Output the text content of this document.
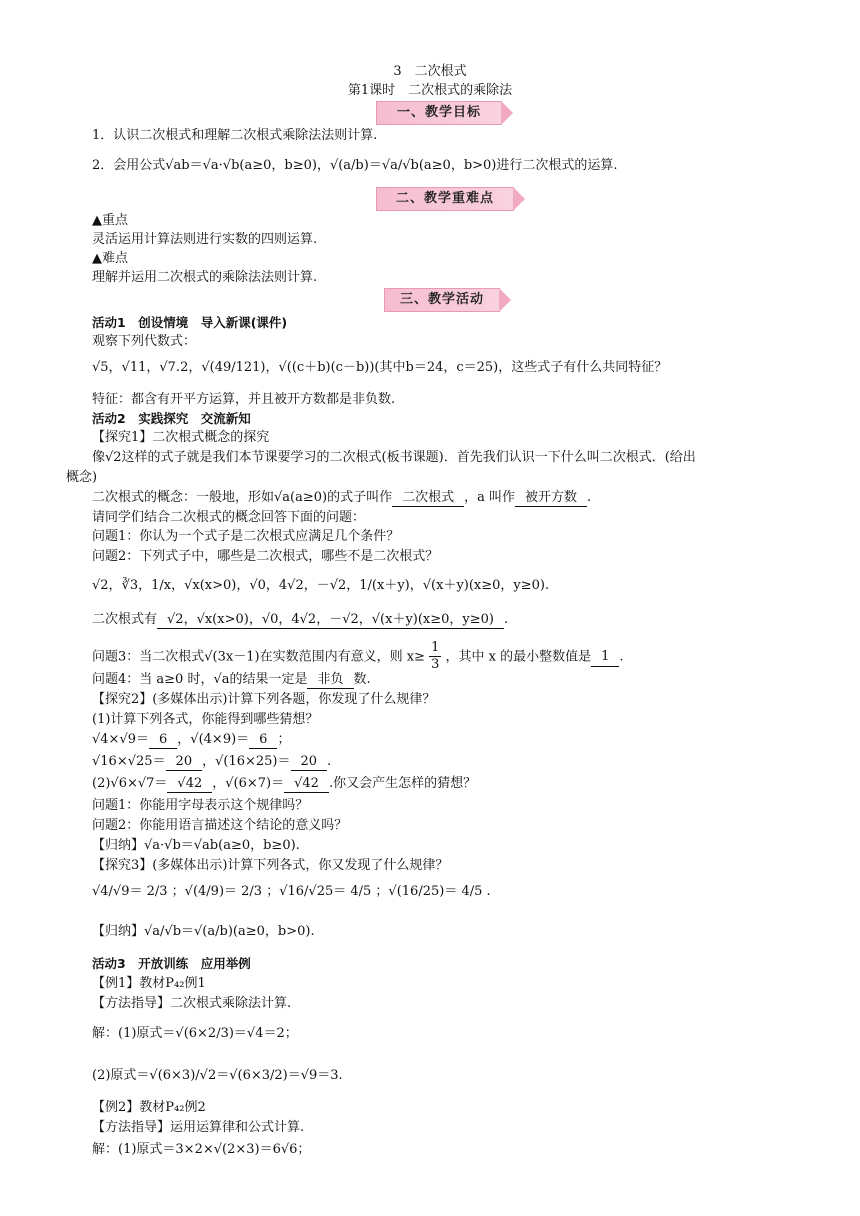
3　二次根式
第1课时　二次根式的乘除法
一、教学目标
1．认识二次根式和理解二次根式乘除法法则计算.
2．会用公式√ab＝√a·√b(a≥0，b≥0)，√(a/b)＝√a/√b(a≥0，b>0)进行二次根式的运算.
二、教学重难点
▲重点
灵活运用计算法则进行实数的四则运算.
▲难点
理解并运用二次根式的乘除法法则计算.
三、教学活动
活动1　创设情境　导入新课(课件)
观察下列代数式：
√5，√11，√7.2，√(49/121)，√((c＋b)(c－b))(其中b＝24，c＝25)，这些式子有什么共同特征？
特征：都含有开平方运算，并且被开方数都是非负数.
活动2　实践探究　交流新知
【探究1】二次根式概念的探究
像√2这样的式子就是我们本节课要学习的二次根式(板书课题)．首先我们认识一下什么叫二次根式．(给出
概念)
二次根式的概念：一般地，形如√a(a≥0)的式子叫作 二次根式 ，a 叫作 被开方数 .
请同学们结合二次根式的概念回答下面的问题：
问题1：你认为一个式子是二次根式应满足几个条件？
问题2：下列式子中，哪些是二次根式，哪些不是二次根式？
√2，∛3，1/x，√x(x>0)，√0，4√2，－√2，1/(x＋y)，√(x＋y)(x≥0，y≥0).
二次根式有 √2，√x(x>0)，√0，4√2，－√2，√(x＋y)(x≥0，y≥0) .
问题3：当二次根式√(3x－1)在实数范围内有意义，则 $x\ge \frac{1}{3}$ ，其中 x 的最小整数值是 1 .
问题4：当 a≥0 时，√a的结果一定是 非负 数.
【探究2】(多媒体出示)计算下列各题，你发现了什么规律？
(1)计算下列各式，你能得到哪些猜想？
√4×√9＝ 6 ，√(4×9)＝ 6 ；
√16×√25＝ 20 ，√(16×25)＝ 20 .
(2)√6×√7＝ √42 ，√(6×7)＝ √42 .你又会产生怎样的猜想？
问题1：你能用字母表示这个规律吗？
问题2：你能用语言描述这个结论的意义吗？
【归纳】√a·√b＝√ab(a≥0，b≥0).
【探究3】(多媒体出示)计算下列各式，你又发现了什么规律？
√4/√9＝ 2/3 ；√(4/9)＝ 2/3 ；√16/√25＝ 4/5 ；√(16/25)＝ 4/5 .
【归纳】√a/√b＝√(a/b)(a≥0，b>0).
活动3　开放训练　应用举例
【例1】教材P₄₂例1
【方法指导】二次根式乘除法计算.
解：(1)原式＝√(6×2/3)＝√4＝2；
(2)原式＝√(6×3)/√2＝√(6×3/2)＝√9＝3.
【例2】教材P₄₂例2
【方法指导】运用运算律和公式计算.
解：(1)原式＝3×2×√(2×3)＝6√6；
